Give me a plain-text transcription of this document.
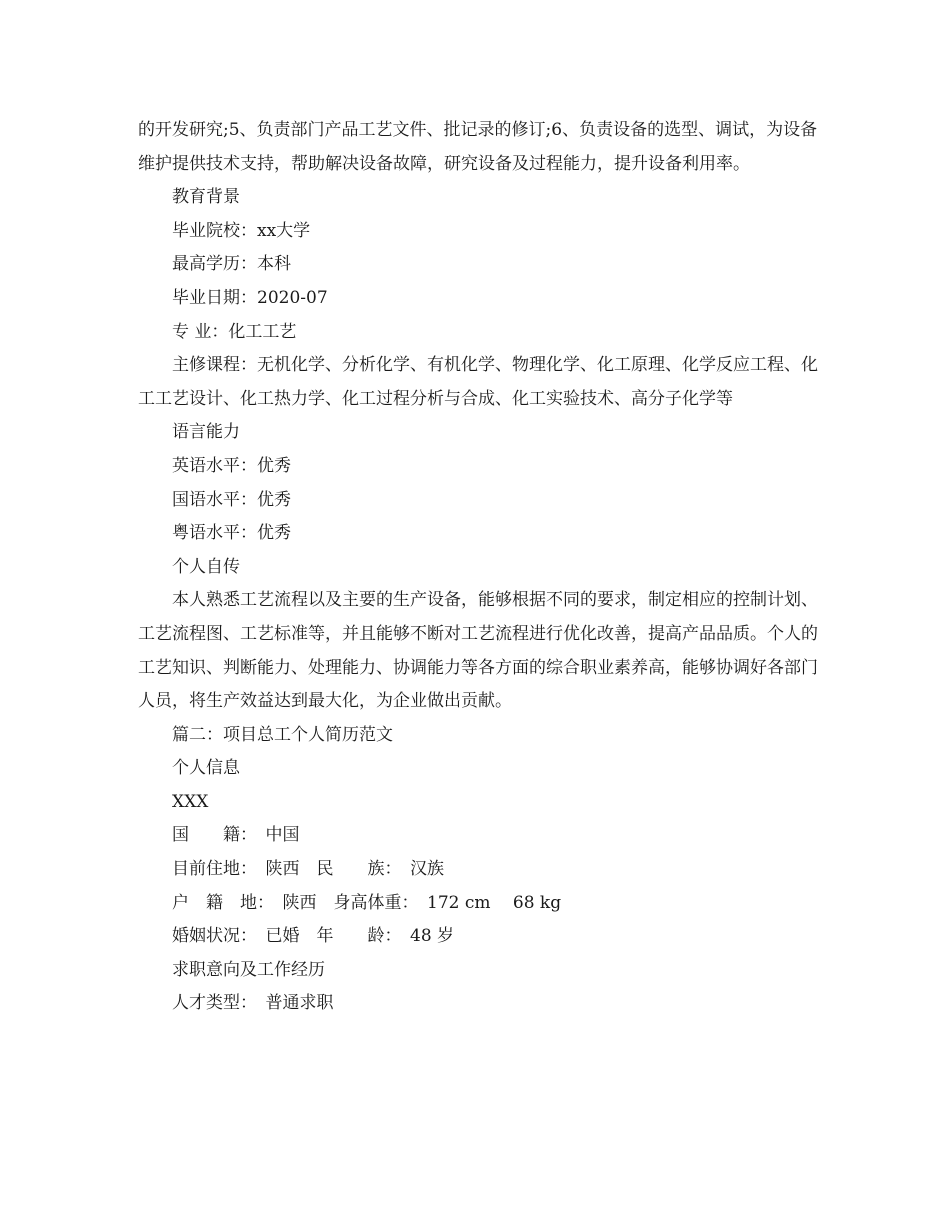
的开发研究;5、负责部门产品工艺文件、批记录的修订;6、负责设备的选型、调试，为设备维护提供技术支持，帮助解决设备故障，研究设备及过程能力，提升设备利用率。

教育背景

毕业院校：xx大学

最高学历：本科

毕业日期：2020-07

专 业：化工工艺

主修课程：无机化学、分析化学、有机化学、物理化学、化工原理、化学反应工程、化工工艺设计、化工热力学、化工过程分析与合成、化工实验技术、高分子化学等

语言能力

英语水平：优秀

国语水平：优秀

粤语水平：优秀

个人自传

本人熟悉工艺流程以及主要的生产设备，能够根据不同的要求，制定相应的控制计划、工艺流程图、工艺标准等，并且能够不断对工艺流程进行优化改善，提高产品品质。个人的工艺知识、判断能力、处理能力、协调能力等各方面的综合职业素养高，能够协调好各部门人员，将生产效益达到最大化，为企业做出贡献。

篇二：项目总工个人简历范文

个人信息

XXX

国　　籍：　中国

目前住地：　陕西　民　　族：　汉族

户　籍　地：　陕西　身高体重：　172 cm　 68 kg

婚姻状况：　已婚　年　　龄：　48 岁

求职意向及工作经历

人才类型：　普通求职
